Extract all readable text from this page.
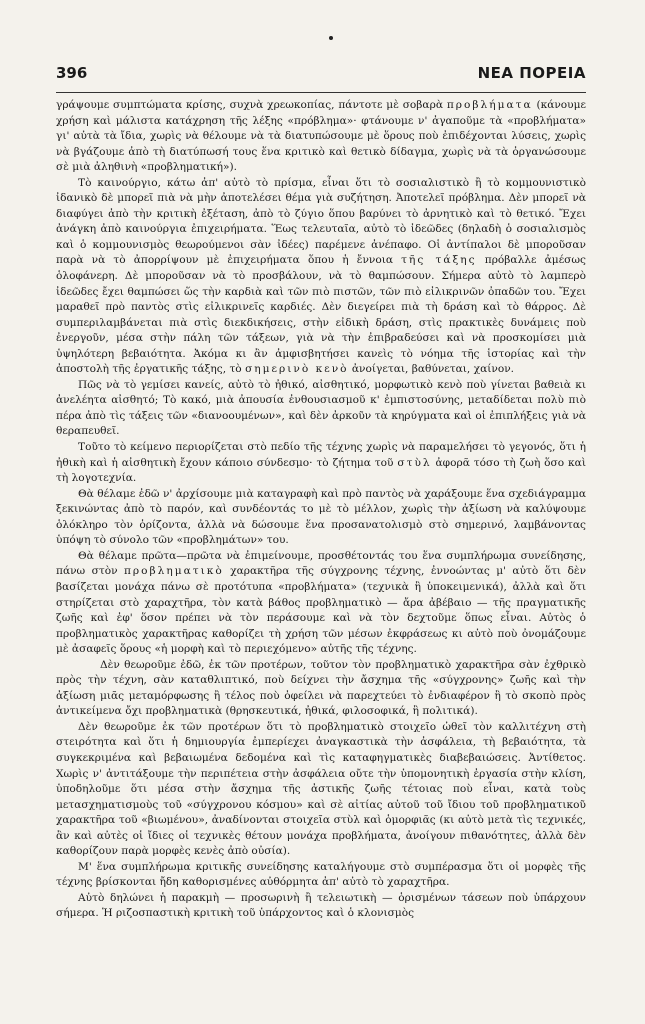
396	ΝΕΑ ΠΟΡΕΙΑ

γράψουμε συμπτώματα κρίσης, συχνὰ χρεωκοπίας, πάντοτε μὲ σοβαρὰ προβλήματα (κάνουμε χρήση καὶ μάλιστα κατάχρηση τῆς λέξης «πρόβλημα»· φτάνουμε ν' ἀγαποῦμε τὰ «προβλήματα» γι' αὐτὰ τὰ ἴδια, χωρὶς νὰ θέλουμε νὰ τὰ διατυπώσουμε μὲ ὅρους ποὺ ἐπιδέχονται λύσεις, χωρὶς νὰ βγάζουμε ἀπὸ τὴ διατύπωσή τους ἕνα κριτικὸ καὶ θετικὸ δίδαγμα, χωρὶς νὰ τὰ ὀργανώσουμε σὲ μιὰ ἀληθινὴ «προβληματική»).

Τὸ καινούργιο, κάτω ἀπ' αὐτὸ τὸ πρίσμα, εἶναι ὅτι τὸ σοσιαλιστικὸ ἢ τὸ κομμουνιστικὸ ἰδανικὸ δὲ μπορεῖ πιὰ νὰ μὴν ἀποτελέσει θέμα γιὰ συζήτηση. Ἀποτελεῖ πρόβλημα. Δὲν μπορεῖ νὰ διαφύγει ἀπὸ τὴν κριτικὴ ἐξέταση, ἀπὸ τὸ ζύγιο ὅπου βαρύνει τὸ ἀρνητικὸ καὶ τὸ θετικό. Ἔχει ἀνάγκη ἀπὸ καινούργια ἐπιχειρήματα. Ἕως τελευταῖα, αὐτὸ τὸ ἰδεῶδες (δηλαδὴ ὁ σοσιαλισμὸς καὶ ὁ κομμουνισμὸς θεωρούμενοι σὰν ἰδέες) παρέμενε ἀνέπαφο. Οἱ ἀντίπαλοι δὲ μποροῦσαν παρὰ νὰ τὸ ἀπορρίψουν μὲ ἐπιχειρήματα ὅπου ἡ ἔννοια τῆς τάξης πρόβαλλε ἀμέσως ὁλοφάνερη. Δὲ μποροῦσαν νὰ τὸ προσβάλουν, νὰ τὸ θαμπώσουν. Σήμερα αὐτὸ τὸ λαμπερὸ ἰδεῶδες ἔχει θαμπώσει ὥς τὴν καρδιὰ καὶ τῶν πιὸ πιστῶν, τῶν πιὸ εἰλικρινῶν ὀπαδῶν του. Ἔχει μαραθεῖ πρὸ παντὸς στὶς εἰλικρινεῖς καρδιές. Δὲν διεγείρει πιὰ τὴ δράση καὶ τὸ θάρρος. Δὲ συμπεριλαμβάνεται πιὰ στὶς διεκδικήσεις, στὴν εἰδικὴ δράση, στὶς πρακτικὲς δυνάμεις ποὺ ἐνεργοῦν, μέσα στὴν πάλη τῶν τάξεων, γιὰ νὰ τὴν ἐπιβραδεύσει καὶ νὰ προσκομίσει μιὰ ὑψηλότερη βεβαιότητα. Ἀκόμα κι ἂν ἀμφισβητήσει κανεὶς τὸ νόημα τῆς ἱστορίας καὶ τὴν ἀποστολὴ τῆς ἐργατικῆς τάξης, τὸ σημερινὸ κενὸ ἀνοίγεται, βαθύνεται, χαίνον.

Πῶς νὰ τὸ γεμίσει κανείς, αὐτὸ τὸ ἠθικό, αἰσθητικό, μορφωτικὸ κενὸ ποὺ γίνεται βαθειὰ κι ἀνελέητα αἰσθητό; Τὸ κακό, μιὰ ἀπουσία ἐνθουσιασμοῦ κ' ἐμπιστοσύνης, μεταδίδεται πολὺ πιὸ πέρα ἀπὸ τὶς τάξεις τῶν «διανοουμένων», καὶ δὲν ἀρκοῦν τὰ κηρύγματα καὶ οἱ ἐπιπλήξεις γιὰ νὰ θεραπευθεῖ.

Τοῦτο τὸ κείμενο περιορίζεται στὸ πεδίο τῆς τέχνης χωρὶς νὰ παραμελήσει τὸ γεγονός, ὅτι ἡ ἠθικὴ καὶ ἡ αἰσθητικὴ ἔχουν κάποιο σύνδεσμο· τὸ ζήτημα τοῦ στὺλ ἀφορᾶ τόσο τὴ ζωὴ ὅσο καὶ τὴ λογοτεχνία.

Θὰ θέλαμε ἐδῶ ν' ἀρχίσουμε μιὰ καταγραφὴ καὶ πρὸ παντὸς νὰ χαράξουμε ἕνα σχεδιάγραμμα ξεκινώντας ἀπὸ τὸ παρόν, καὶ συνδέοντάς το μὲ τὸ μέλλον, χωρὶς τὴν ἀξίωση νὰ καλύψουμε ὁλόκληρο τὸν ὁρίζοντα, ἀλλὰ νὰ δώσουμε ἕνα προσανατολισμὸ στὸ σημερινό, λαμβάνοντας ὑπόψη τὸ σύνολο τῶν «προβλημάτων» του.

Θὰ θέλαμε πρῶτα—πρῶτα νὰ ἐπιμείνουμε, προσθέτοντάς του ἕνα συμπλήρωμα συνείδησης, πάνω στὸν προβληματικὸ χαρακτῆρα τῆς σύγχρονης τέχνης, ἐννοώντας μ' αὐτὸ ὅτι δὲν βασίζεται μονάχα πάνω σὲ προτότυπα «προβλήματα» (τεχνικὰ ἢ ὑποκειμενικά), ἀλλὰ καὶ ὅτι στηρίζεται στὸ χαραχτῆρα, τὸν κατὰ βάθος προβληματικὸ — ἄρα ἀβέβαιο — τῆς πραγματικῆς ζωῆς καὶ ἐφ' ὅσον πρέπει νὰ τὸν περάσουμε καὶ νὰ τὸν δεχτοῦμε ὅπως εἶναι. Αὐτὸς ὁ προβληματικὸς χαρακτῆρας καθορίζει τὴ χρήση τῶν μέσων ἐκφράσεως κι αὐτὸ ποὺ ὀνομάζουμε μὲ ἀσαφεῖς ὅρους «ἡ μορφὴ καὶ τὸ περιεχόμενο» αὐτῆς τῆς τέχνης.

Δὲν θεωροῦμε ἐδῶ, ἐκ τῶν προτέρων, τοῦτον τὸν προβληματικὸ χαρακτῆρα σὰν ἐχθρικὸ πρὸς τὴν τέχνη, σὰν καταθλιπτικό, ποὺ δείχνει τὴν ἄσχημα τῆς «σύγχρονης» ζωῆς καὶ τὴν ἀξίωση μιᾶς μεταμόρφωσης ἢ τέλος ποὺ ὀφείλει νὰ παρεχτεύει τὸ ἐνδιαφέρον ἢ τὸ σκοπὸ πρὸς ἀντικείμενα ὄχι προβληματικὰ (θρησκευτικά, ἠθικά, φιλοσοφικά, ἢ πολιτικά).

Δὲν θεωροῦμε ἐκ τῶν προτέρων ὅτι τὸ προβληματικὸ στοιχεῖο ὠθεῖ τὸν καλλιτέχνη στὴ στειρότητα καὶ ὅτι ἡ δημιουργία ἐμπερίεχει ἀναγκαστικὰ τὴν ἀσφάλεια, τὴ βεβαιότητα, τὰ συγκεκριμένα καὶ βεβαιωμένα δεδομένα καὶ τὶς καταφηγματικὲς διαβεβαιώσεις. Ἀντίθετος. Χωρὶς ν' ἀντιτάξουμε τὴν περιπέτεια στὴν ἀσφάλεια οὔτε τὴν ὑπομονητικὴ ἐργασία στὴν κλίση, ὑποδηλοῦμε ὅτι μέσα στὴν ἄσχημα τῆς ἀστικῆς ζωῆς τέτοιας ποὺ εἶναι, κατὰ τοὺς μετασχηματισμοὺς τοῦ «σύγχρονου κόσμου» καὶ σὲ αἰτίας αὐτοῦ τοῦ ἴδιου τοῦ προβληματικοῦ χαρακτῆρα τοῦ «βιωμένου», ἀναδίνονται στοιχεῖα στὺλ καὶ ὁμορφιᾶς (κι αὐτὸ μετὰ τὶς τεχνικές, ἂν καὶ αὐτὲς οἱ ἴδιες οἱ τεχνικὲς θέτουν μονάχα προβλήματα, ἀνοίγουν πιθανότητες, ἀλλὰ δὲν καθορίζουν παρὰ μορφὲς κενὲς ἀπὸ οὐσία).

Μ' ἕνα συμπλήρωμα κριτικῆς συνείδησης καταλήγουμε στὸ συμπέρασμα ὅτι οἱ μορφὲς τῆς τέχνης βρίσκονται ἤδη καθορισμένες αὐθόρμητα ἀπ' αὐτὸ τὸ χαραχτῆρα.

Αὐτὸ δηλώνει ἡ παρακμὴ — προσωρινὴ ἢ τελειωτικὴ — ὁρισμένων τάσεων ποὺ ὑπάρχουν σήμερα. Ἡ ριζοσπαστικὴ κριτικὴ τοῦ ὑπάρχοντος καὶ ὁ κλονισμὸς
